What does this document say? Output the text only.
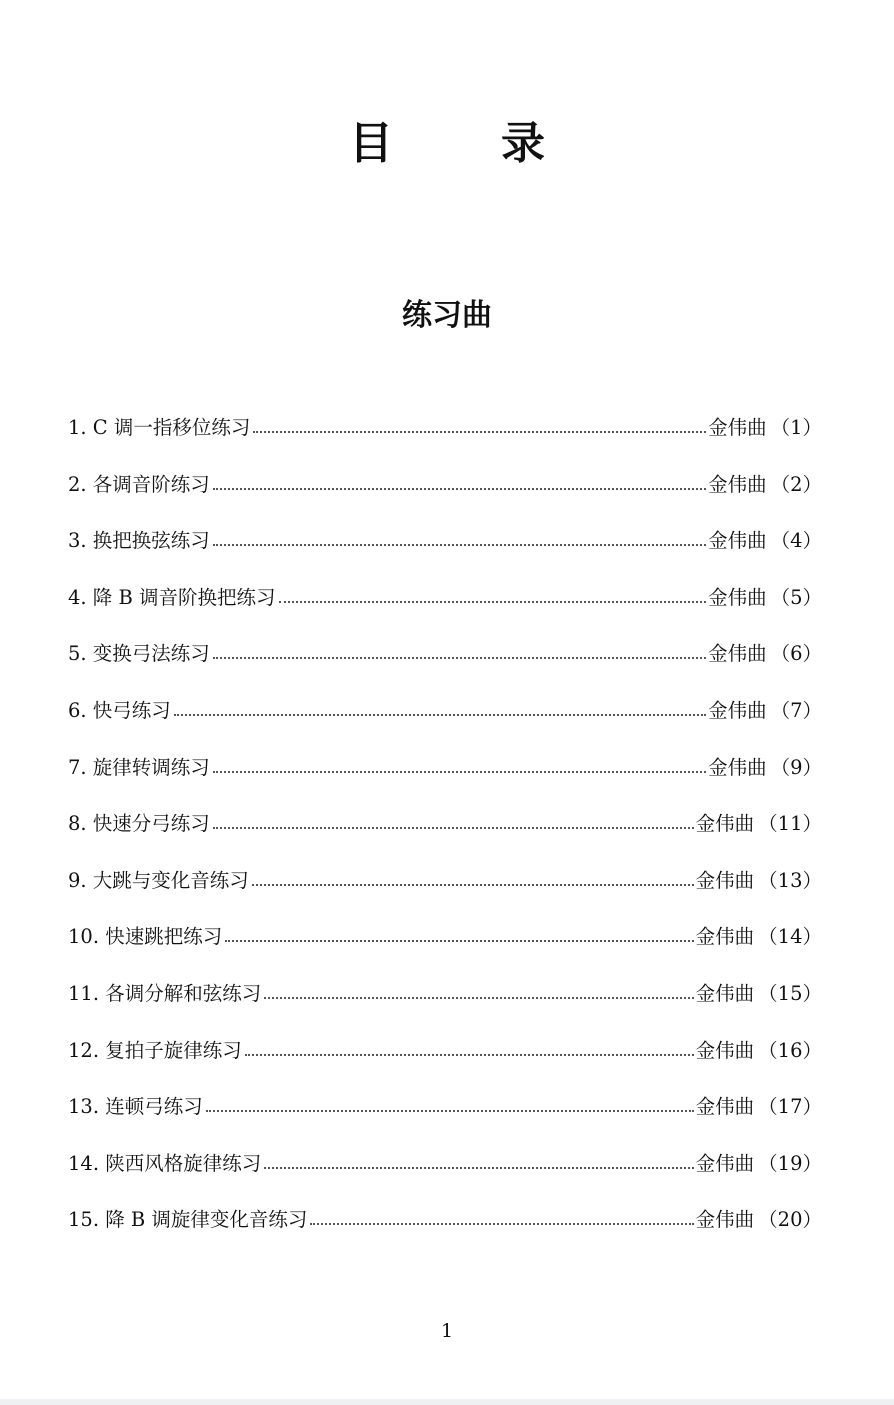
目 录
练习曲
1. C 调一指移位练习	金伟曲 （1）
2. 各调音阶练习	金伟曲 （2）
3. 换把换弦练习	金伟曲 （4）
4. 降 B 调音阶换把练习	金伟曲 （5）
5. 变换弓法练习	金伟曲 （6）
6. 快弓练习	金伟曲 （7）
7. 旋律转调练习	金伟曲 （9）
8. 快速分弓练习	金伟曲 （11）
9. 大跳与变化音练习	金伟曲 （13）
10. 快速跳把练习	金伟曲 （14）
11. 各调分解和弦练习	金伟曲 （15）
12. 复拍子旋律练习	金伟曲 （16）
13. 连顿弓练习	金伟曲 （17）
14. 陕西风格旋律练习	金伟曲 （19）
15. 降 B 调旋律变化音练习	金伟曲 （20）
1
